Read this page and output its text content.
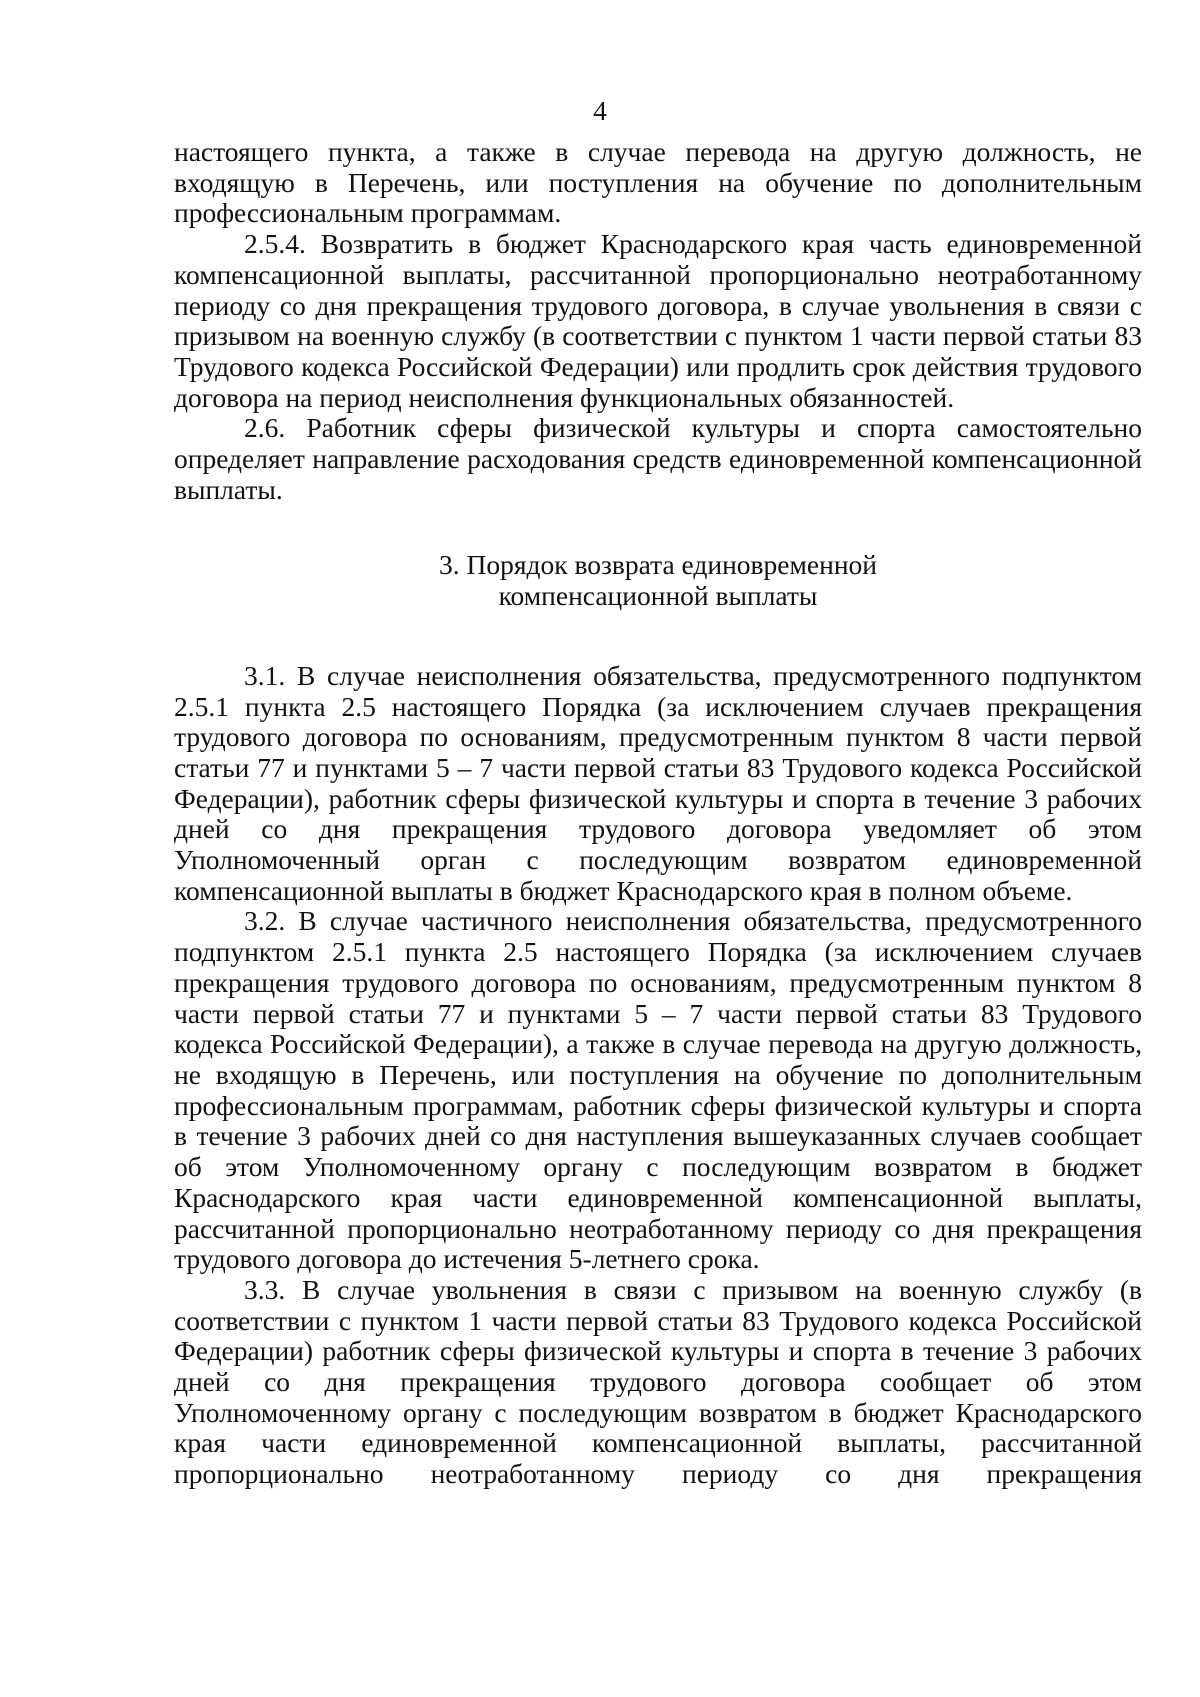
4

настоящего пункта, а также в случае перевода на другую должность, не входящую в Перечень, или поступления на обучение по дополнительным профессиональным программам.

2.5.4. Возвратить в бюджет Краснодарского края часть единовременной компенсационной выплаты, рассчитанной пропорционально неотработанному периоду со дня прекращения трудового договора, в случае увольнения в связи с призывом на военную службу (в соответствии с пунктом 1 части первой статьи 83 Трудового кодекса Российской Федерации) или продлить срок действия трудового договора на период неисполнения функциональных обязанностей.

2.6. Работник сферы физической культуры и спорта самостоятельно определяет направление расходования средств единовременной компенсационной выплаты.

3. Порядок возврата единовременной
компенсационной выплаты

3.1. В случае неисполнения обязательства, предусмотренного подпунктом 2.5.1 пункта 2.5 настоящего Порядка (за исключением случаев прекращения трудового договора по основаниям, предусмотренным пунктом 8 части первой статьи 77 и пунктами 5 – 7 части первой статьи 83 Трудового кодекса Российской Федерации), работник сферы физической культуры и спорта в течение 3 рабочих дней со дня прекращения трудового договора уведомляет об этом Уполномоченный орган с последующим возвратом единовременной компенсационной выплаты в бюджет Краснодарского края в полном объеме.

3.2. В случае частичного неисполнения обязательства, предусмотренного подпунктом 2.5.1 пункта 2.5 настоящего Порядка (за исключением случаев прекращения трудового договора по основаниям, предусмотренным пунктом 8 части первой статьи 77 и пунктами 5 – 7 части первой статьи 83 Трудового кодекса Российской Федерации), а также в случае перевода на другую должность, не входящую в Перечень, или поступления на обучение по дополнительным профессиональным программам, работник сферы физической культуры и спорта в течение 3 рабочих дней со дня наступления вышеуказанных случаев сообщает об этом Уполномоченному органу с последующим возвратом в бюджет Краснодарского края части единовременной компенсационной выплаты, рассчитанной пропорционально неотработанному периоду со дня прекращения трудового договора до истечения 5-летнего срока.

3.3. В случае увольнения в связи с призывом на военную службу (в соответствии с пунктом 1 части первой статьи 83 Трудового кодекса Российской Федерации) работник сферы физической культуры и спорта в течение 3 рабочих дней со дня прекращения трудового договора сообщает об этом Уполномоченному органу с последующим возвратом в бюджет Краснодарского края части единовременной компенсационной выплаты, рассчитанной пропорционально неотработанному периоду со дня прекращения
